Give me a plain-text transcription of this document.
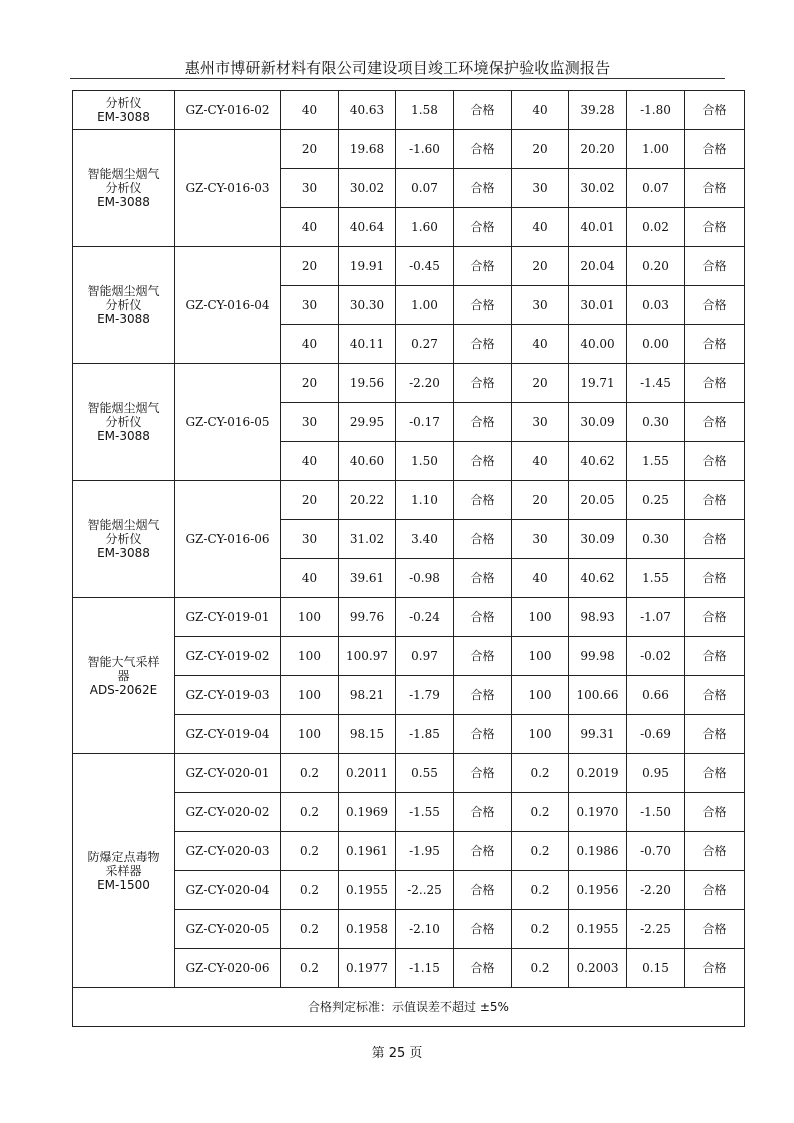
惠州市博研新材料有限公司建设项目竣工环境保护验收监测报告
分析仪
EM-3088	GZ-CY-016-02	40	40.63	1.58	合格	40	39.28	-1.80	合格

智能烟尘烟气
分析仪
EM-3088	GZ-CY-016-03	20	19.68	-1.60	合格	20	20.20	1.00	合格
		30	30.02	0.07	合格	30	30.02	0.07	合格
		40	40.64	1.60	合格	40	40.01	0.02	合格

智能烟尘烟气
分析仪
EM-3088	GZ-CY-016-04	20	19.91	-0.45	合格	20	20.04	0.20	合格
		30	30.30	1.00	合格	30	30.01	0.03	合格
		40	40.11	0.27	合格	40	40.00	0.00	合格

智能烟尘烟气
分析仪
EM-3088	GZ-CY-016-05	20	19.56	-2.20	合格	20	19.71	-1.45	合格
		30	29.95	-0.17	合格	30	30.09	0.30	合格
		40	40.60	1.50	合格	40	40.62	1.55	合格

智能烟尘烟气
分析仪
EM-3088	GZ-CY-016-06	20	20.22	1.10	合格	20	20.05	0.25	合格
		30	31.02	3.40	合格	30	30.09	0.30	合格
		40	39.61	-0.98	合格	40	40.62	1.55	合格

智能大气采样
器
ADS-2062E	GZ-CY-019-01	100	99.76	-0.24	合格	100	98.93	-1.07	合格
	GZ-CY-019-02	100	100.97	0.97	合格	100	99.98	-0.02	合格
	GZ-CY-019-03	100	98.21	-1.79	合格	100	100.66	0.66	合格
	GZ-CY-019-04	100	98.15	-1.85	合格	100	99.31	-0.69	合格

防爆定点毒物
采样器
EM-1500	GZ-CY-020-01	0.2	0.2011	0.55	合格	0.2	0.2019	0.95	合格
	GZ-CY-020-02	0.2	0.1969	-1.55	合格	0.2	0.1970	-1.50	合格
	GZ-CY-020-03	0.2	0.1961	-1.95	合格	0.2	0.1986	-0.70	合格
	GZ-CY-020-04	0.2	0.1955	-2..25	合格	0.2	0.1956	-2.20	合格
	GZ-CY-020-05	0.2	0.1958	-2.10	合格	0.2	0.1955	-2.25	合格
	GZ-CY-020-06	0.2	0.1977	-1.15	合格	0.2	0.2003	0.15	合格
合格判定标准：示值误差不超过 ±5%									
第 25 页
